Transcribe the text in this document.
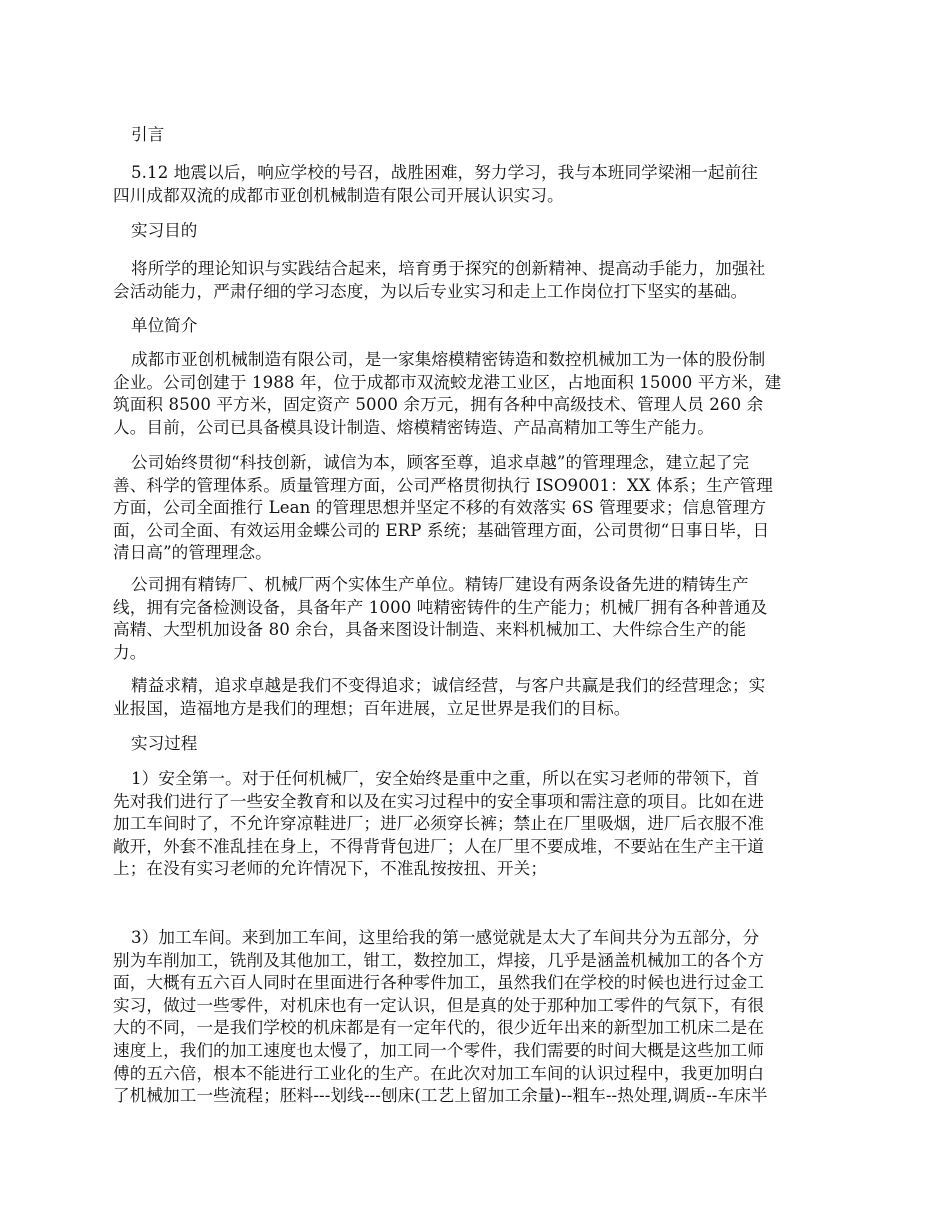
引言
5.12 地震以后，响应学校的号召，战胜困难，努力学习，我与本班同学梁湘一起前往
四川成都双流的成都市亚创机械制造有限公司开展认识实习。
实习目的
将所学的理论知识与实践结合起来，培育勇于探究的创新精神、提高动手能力，加强社
会活动能力，严肃仔细的学习态度，为以后专业实习和走上工作岗位打下坚实的基础。
单位简介
成都市亚创机械制造有限公司，是一家集熔模精密铸造和数控机械加工为一体的股份制
企业。公司创建于 1988 年，位于成都市双流蛟龙港工业区，占地面积 15000 平方米，建
筑面积 8500 平方米，固定资产 5000 余万元，拥有各种中高级技术、管理人员 260 余
人。目前，公司已具备模具设计制造、熔模精密铸造、产品高精加工等生产能力。
公司始终贯彻“科技创新，诚信为本，顾客至尊，追求卓越”的管理理念，建立起了完
善、科学的管理体系。质量管理方面，公司严格贯彻执行 ISO9001：XX 体系；生产管理
方面，公司全面推行 Lean 的管理思想并坚定不移的有效落实 6S 管理要求；信息管理方
面，公司全面、有效运用金蝶公司的 ERP 系统；基础管理方面，公司贯彻“日事日毕，日
清日高”的管理理念。
公司拥有精铸厂、机械厂两个实体生产单位。精铸厂建设有两条设备先进的精铸生产
线，拥有完备检测设备，具备年产 1000 吨精密铸件的生产能力；机械厂拥有各种普通及
高精、大型机加设备 80 余台，具备来图设计制造、来料机械加工、大件综合生产的能
力。
精益求精，追求卓越是我们不变得追求；诚信经营，与客户共赢是我们的经营理念；实
业报国，造福地方是我们的理想；百年进展，立足世界是我们的目标。
实习过程
1）安全第一。对于任何机械厂，安全始终是重中之重，所以在实习老师的带领下，首
先对我们进行了一些安全教育和以及在实习过程中的安全事项和需注意的项目。比如在进
加工车间时了，不允许穿凉鞋进厂；进厂必须穿长裤；禁止在厂里吸烟，进厂后衣服不准
敞开，外套不准乱挂在身上，不得背背包进厂；人在厂里不要成堆，不要站在生产主干道
上；在没有实习老师的允许情况下，不准乱按按扭、开关；
3）加工车间。来到加工车间，这里给我的第一感觉就是太大了车间共分为五部分，分
别为车削加工，铣削及其他加工，钳工，数控加工，焊接，几乎是涵盖机械加工的各个方
面，大概有五六百人同时在里面进行各种零件加工，虽然我们在学校的时候也进行过金工
实习，做过一些零件，对机床也有一定认识，但是真的处于那种加工零件的气氛下，有很
大的不同，一是我们学校的机床都是有一定年代的，很少近年出来的新型加工机床二是在
速度上，我们的加工速度也太慢了，加工同一个零件，我们需要的时间大概是这些加工师
傅的五六倍，根本不能进行工业化的生产。在此次对加工车间的认识过程中，我更加明白
了机械加工一些流程；胚料---划线---刨床(工艺上留加工余量)--粗车--热处理,调质--车床半
